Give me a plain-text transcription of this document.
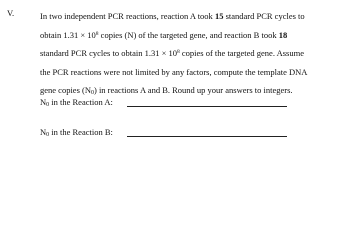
V.	In two independent PCR reactions, reaction A took 15 standard PCR cycles to
obtain $1.31 \times 10^8$ copies (N) of the targeted gene, and reaction B took 18
standard PCR cycles to obtain $1.31 \times 10^8$ copies of the targeted gene. Assume
the PCR reactions were not limited by any factors, compute the template DNA
gene copies $(N_0)$ in reactions A and B. Round up your answers to integers.
$N_0$ in the Reaction A:
$N_0$ in the Reaction B:
